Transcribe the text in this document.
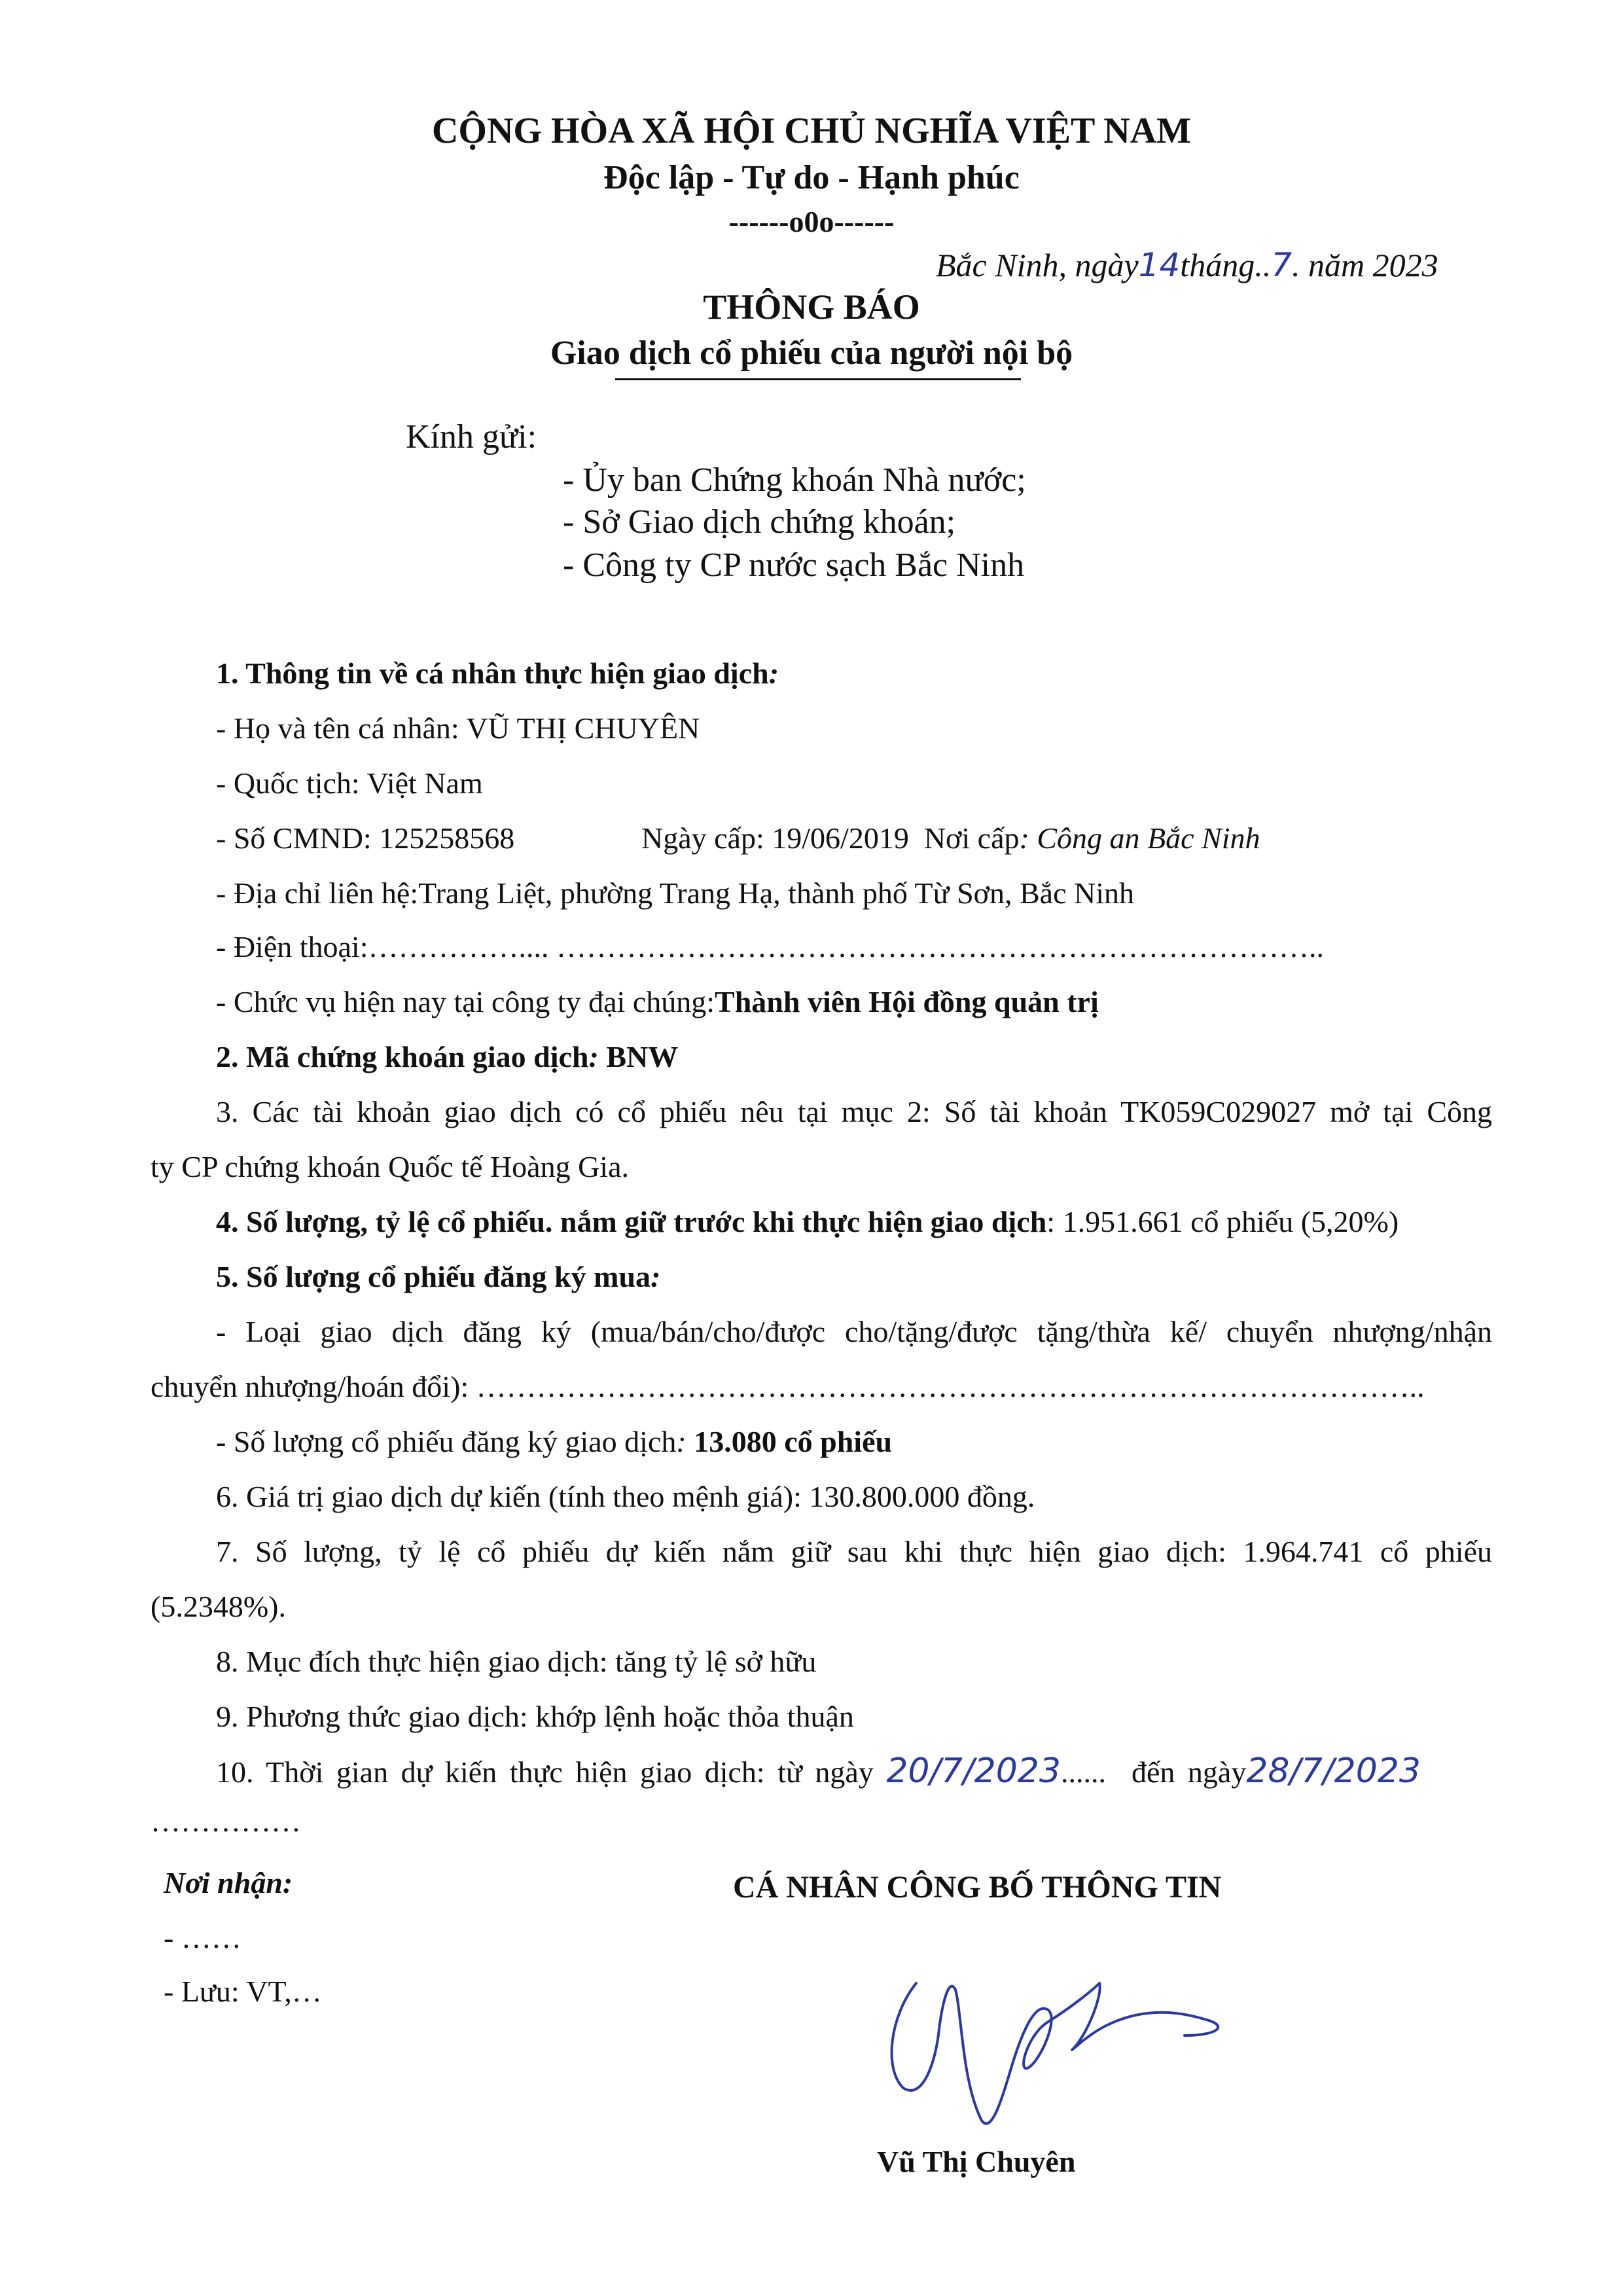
CỘNG HÒA XÃ HỘI CHỦ NGHĨA VIỆT NAM
Độc lập - Tự do - Hạnh phúc
------o0o------
Bắc Ninh, ngày14tháng..7. năm 2023
THÔNG BÁO
Giao dịch cổ phiếu của người nội bộ
Kính gửi:
- Ủy ban Chứng khoán Nhà nước;
- Sở Giao dịch chứng khoán;
- Công ty CP nước sạch Bắc Ninh
1. Thông tin về cá nhân thực hiện giao dịch:
- Họ và tên cá nhân: VŨ THỊ CHUYÊN
- Quốc tịch: Việt Nam
- Số CMND: 125258568	Ngày cấp: 19/06/2019 Nơi cấp: Công an Bắc Ninh
- Địa chỉ liên hệ:Trang Liệt, phường Trang Hạ, thành phố Từ Sơn, Bắc Ninh
- Điện thoại:…………….... …………………………………………………………………..
- Chức vụ hiện nay tại công ty đại chúng:Thành viên Hội đồng quản trị
2. Mã chứng khoán giao dịch: BNW
3. Các tài khoản giao dịch có cổ phiếu nêu tại mục 2: Số tài khoản TK059C029027 mở tại Công
ty CP chứng khoán Quốc tế Hoàng Gia.
4. Số lượng, tỷ lệ cổ phiếu. nắm giữ trước khi thực hiện giao dịch: 1.951.661 cổ phiếu (5,20%)
5. Số lượng cổ phiếu đăng ký mua:
- Loại giao dịch đăng ký (mua/bán/cho/được cho/tặng/được tặng/thừa kế/ chuyển nhượng/nhận
chuyển nhượng/hoán đổi): …………………………………………………………………………………..
- Số lượng cổ phiếu đăng ký giao dịch: 13.080 cổ phiếu
6. Giá trị giao dịch dự kiến (tính theo mệnh giá): 130.800.000 đồng.
7. Số lượng, tỷ lệ cổ phiếu dự kiến nắm giữ sau khi thực hiện giao dịch: 1.964.741 cổ phiếu
(5.2348%).
8. Mục đích thực hiện giao dịch: tăng tỷ lệ sở hữu
9. Phương thức giao dịch: khớp lệnh hoặc thỏa thuận
10. Thời gian dự kiến thực hiện giao dịch: từ ngày 20/7/2023...... đến ngày28/7/2023
……………
Nơi nhận:
- ……
- Lưu: VT,…
CÁ NHÂN CÔNG BỐ THÔNG TIN
Vũ Thị Chuyên
